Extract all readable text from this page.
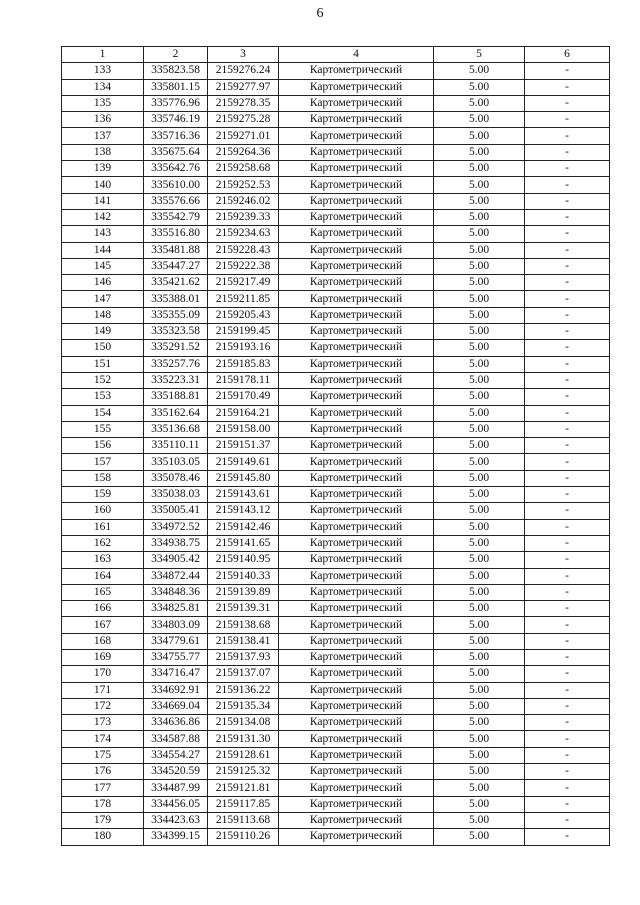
6
1	2	3	4	5	6
133	335823.58	2159276.24	Картометрический	5.00	-
134	335801.15	2159277.97	Картометрический	5.00	-
135	335776.96	2159278.35	Картометрический	5.00	-
136	335746.19	2159275.28	Картометрический	5.00	-
137	335716.36	2159271.01	Картометрический	5.00	-
138	335675.64	2159264.36	Картометрический	5.00	-
139	335642.76	2159258.68	Картометрический	5.00	-
140	335610.00	2159252.53	Картометрический	5.00	-
141	335576.66	2159246.02	Картометрический	5.00	-
142	335542.79	2159239.33	Картометрический	5.00	-
143	335516.80	2159234.63	Картометрический	5.00	-
144	335481.88	2159228.43	Картометрический	5.00	-
145	335447.27	2159222.38	Картометрический	5.00	-
146	335421.62	2159217.49	Картометрический	5.00	-
147	335388.01	2159211.85	Картометрический	5.00	-
148	335355.09	2159205.43	Картометрический	5.00	-
149	335323.58	2159199.45	Картометрический	5.00	-
150	335291.52	2159193.16	Картометрический	5.00	-
151	335257.76	2159185.83	Картометрический	5.00	-
152	335223.31	2159178.11	Картометрический	5.00	-
153	335188.81	2159170.49	Картометрический	5.00	-
154	335162.64	2159164.21	Картометрический	5.00	-
155	335136.68	2159158.00	Картометрический	5.00	-
156	335110.11	2159151.37	Картометрический	5.00	-
157	335103.05	2159149.61	Картометрический	5.00	-
158	335078.46	2159145.80	Картометрический	5.00	-
159	335038.03	2159143.61	Картометрический	5.00	-
160	335005.41	2159143.12	Картометрический	5.00	-
161	334972.52	2159142.46	Картометрический	5.00	-
162	334938.75	2159141.65	Картометрический	5.00	-
163	334905.42	2159140.95	Картометрический	5.00	-
164	334872.44	2159140.33	Картометрический	5.00	-
165	334848.36	2159139.89	Картометрический	5.00	-
166	334825.81	2159139.31	Картометрический	5.00	-
167	334803.09	2159138.68	Картометрический	5.00	-
168	334779.61	2159138.41	Картометрический	5.00	-
169	334755.77	2159137.93	Картометрический	5.00	-
170	334716.47	2159137.07	Картометрический	5.00	-
171	334692.91	2159136.22	Картометрический	5.00	-
172	334669.04	2159135.34	Картометрический	5.00	-
173	334636.86	2159134.08	Картометрический	5.00	-
174	334587.88	2159131.30	Картометрический	5.00	-
175	334554.27	2159128.61	Картометрический	5.00	-
176	334520.59	2159125.32	Картометрический	5.00	-
177	334487.99	2159121.81	Картометрический	5.00	-
178	334456.05	2159117.85	Картометрический	5.00	-
179	334423.63	2159113.68	Картометрический	5.00	-
180	334399.15	2159110.26	Картометрический	5.00	-
